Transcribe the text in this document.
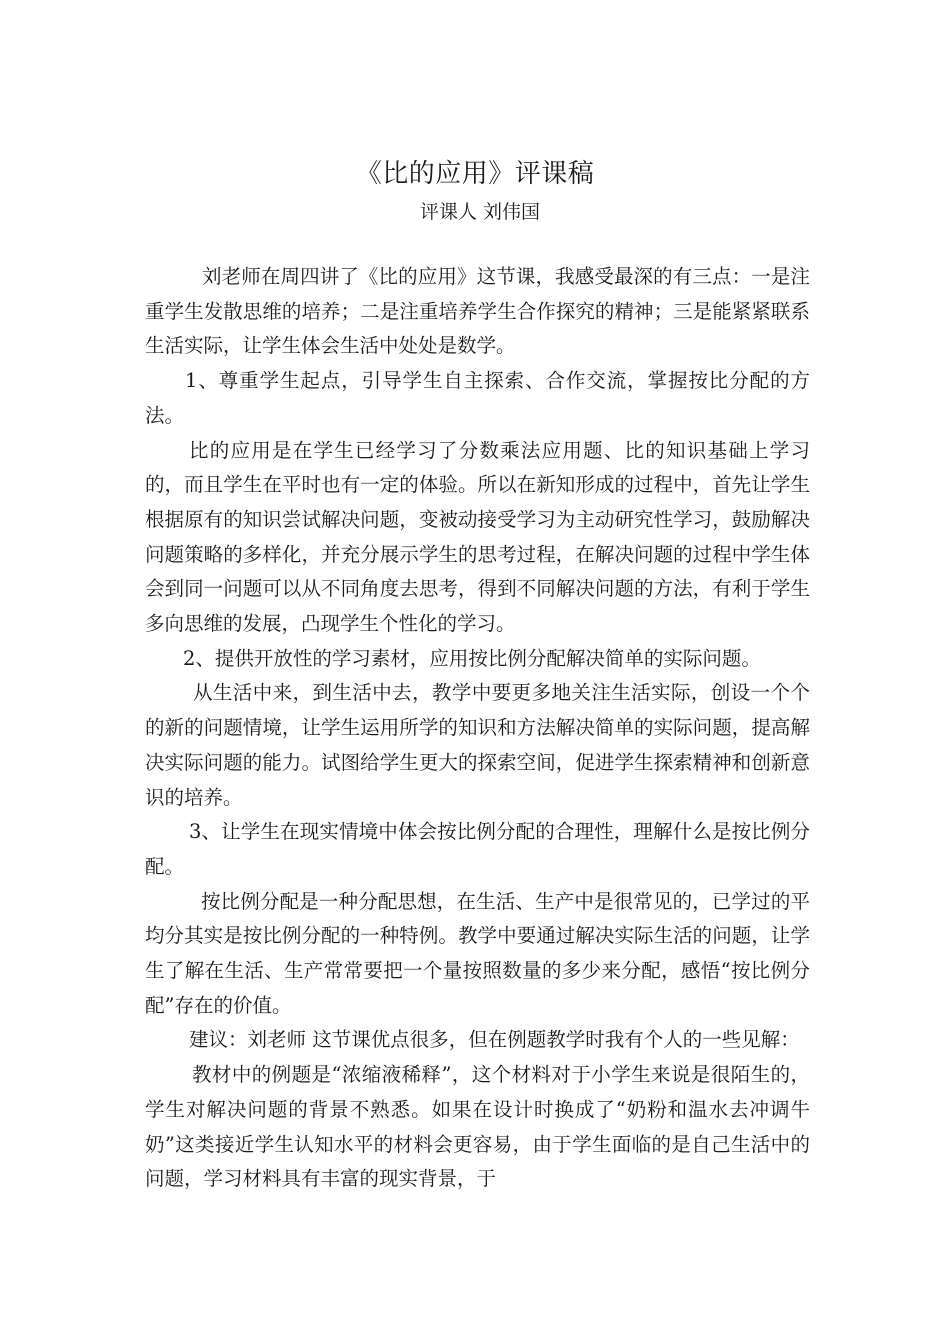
《比的应用》评课稿
评课人 刘伟国

刘老师在周四讲了《比的应用》这节课，我感受最深的有三点：一是注重学生发散思维的培养；二是注重培养学生合作探究的精神；三是能紧紧联系生活实际，让学生体会生活中处处是数学。

1、尊重学生起点，引导学生自主探索、合作交流，掌握按比分配的方法。

比的应用是在学生已经学习了分数乘法应用题、比的知识基础上学习的，而且学生在平时也有一定的体验。所以在新知形成的过程中，首先让学生根据原有的知识尝试解决问题，变被动接受学习为主动研究性学习，鼓励解决问题策略的多样化，并充分展示学生的思考过程，在解决问题的过程中学生体会到同一问题可以从不同角度去思考，得到不同解决问题的方法，有利于学生多向思维的发展，凸现学生个性化的学习。

2、提供开放性的学习素材，应用按比例分配解决简单的实际问题。

从生活中来，到生活中去，教学中要更多地关注生活实际，创设一个个的新的问题情境，让学生运用所学的知识和方法解决简单的实际问题，提高解决实际问题的能力。试图给学生更大的探索空间，促进学生探索精神和创新意识的培养。

3、让学生在现实情境中体会按比例分配的合理性，理解什么是按比例分配。

按比例分配是一种分配思想，在生活、生产中是很常见的，已学过的平均分其实是按比例分配的一种特例。教学中要通过解决实际生活的问题，让学生了解在生活、生产常常要把一个量按照数量的多少来分配，感悟“按比例分配”存在的价值。

建议：刘老师 这节课优点很多，但在例题教学时我有个人的一些见解：

教材中的例题是“浓缩液稀释”，这个材料对于小学生来说是很陌生的，学生对解决问题的背景不熟悉。如果在设计时换成了“奶粉和温水去冲调牛奶”这类接近学生认知水平的材料会更容易，由于学生面临的是自己生活中的问题，学习材料具有丰富的现实背景，于
